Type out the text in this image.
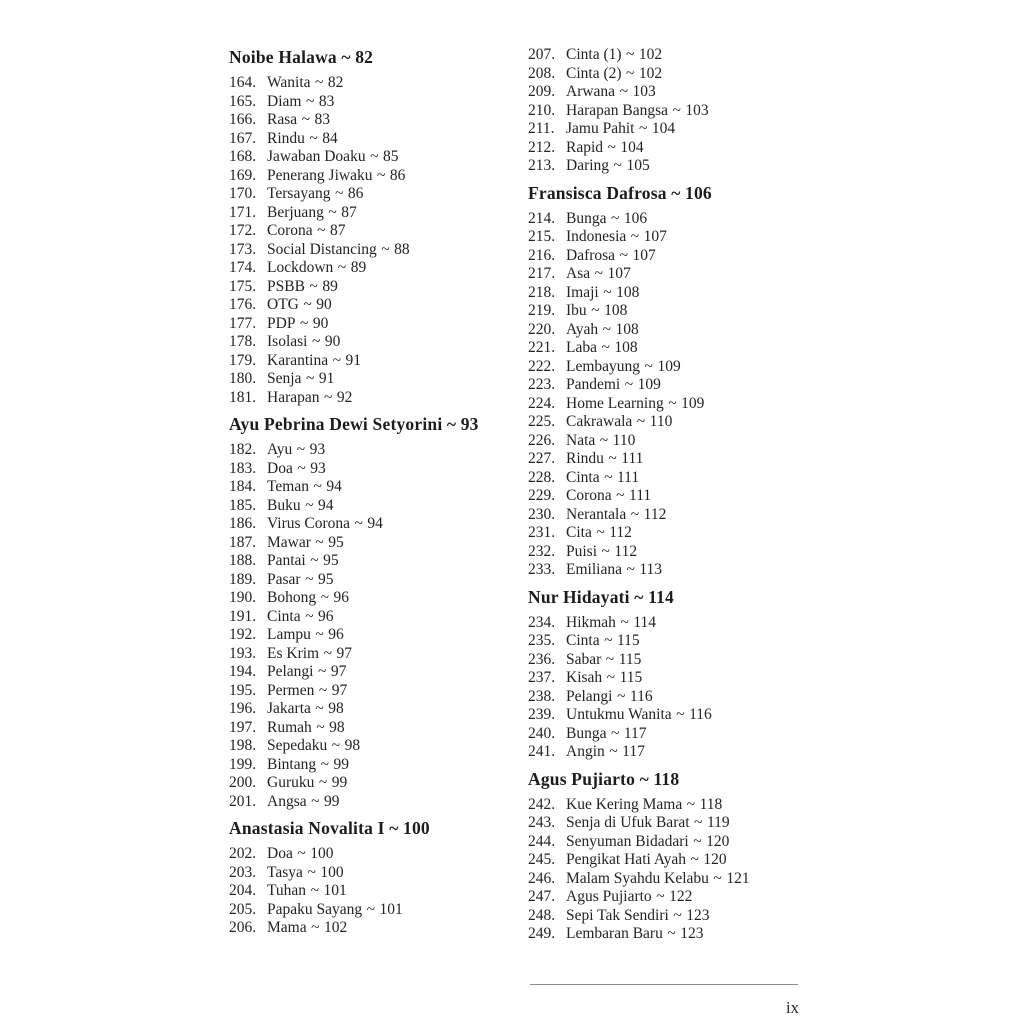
Noibe Halawa ~ 82
164. Wanita ~ 82
165. Diam ~ 83
166. Rasa ~ 83
167. Rindu ~ 84
168. Jawaban Doaku ~ 85
169. Penerang Jiwaku ~ 86
170. Tersayang ~ 86
171. Berjuang ~ 87
172. Corona ~ 87
173. Social Distancing ~ 88
174. Lockdown ~ 89
175. PSBB ~ 89
176. OTG ~ 90
177. PDP ~ 90
178. Isolasi ~ 90
179. Karantina ~ 91
180. Senja ~ 91
181. Harapan ~ 92
Ayu Pebrina Dewi Setyorini ~ 93
182. Ayu ~ 93
183. Doa ~ 93
184. Teman ~ 94
185. Buku ~ 94
186. Virus Corona ~ 94
187. Mawar ~ 95
188. Pantai ~ 95
189. Pasar ~ 95
190. Bohong ~ 96
191. Cinta ~ 96
192. Lampu ~ 96
193. Es Krim ~ 97
194. Pelangi ~ 97
195. Permen ~ 97
196. Jakarta ~ 98
197. Rumah ~ 98
198. Sepedaku ~ 98
199. Bintang ~ 99
200. Guruku ~ 99
201. Angsa ~ 99
Anastasia Novalita I ~ 100
202. Doa ~ 100
203. Tasya ~ 100
204. Tuhan ~ 101
205. Papaku Sayang ~ 101
206. Mama ~ 102
207. Cinta (1) ~ 102
208. Cinta (2) ~ 102
209. Arwana ~ 103
210. Harapan Bangsa ~ 103
211. Jamu Pahit ~ 104
212. Rapid ~ 104
213. Daring ~ 105
Fransisca Dafrosa ~ 106
214. Bunga ~ 106
215. Indonesia ~ 107
216. Dafrosa ~ 107
217. Asa ~ 107
218. Imaji ~ 108
219. Ibu ~ 108
220. Ayah ~ 108
221. Laba ~ 108
222. Lembayung ~ 109
223. Pandemi ~ 109
224. Home Learning ~ 109
225. Cakrawala ~ 110
226. Nata ~ 110
227. Rindu ~ 111
228. Cinta ~ 111
229. Corona ~ 111
230. Nerantala ~ 112
231. Cita ~ 112
232. Puisi ~ 112
233. Emiliana ~ 113
Nur Hidayati ~ 114
234. Hikmah ~ 114
235. Cinta ~ 115
236. Sabar ~ 115
237. Kisah ~ 115
238. Pelangi ~ 116
239. Untukmu Wanita ~ 116
240. Bunga ~ 117
241. Angin ~ 117
Agus Pujiarto ~ 118
242. Kue Kering Mama ~ 118
243. Senja di Ufuk Barat ~ 119
244. Senyuman Bidadari ~ 120
245. Pengikat Hati Ayah ~ 120
246. Malam Syahdu Kelabu ~ 121
247. Agus Pujiarto ~ 122
248. Sepi Tak Sendiri ~ 123
249. Lembaran Baru ~ 123
ix
